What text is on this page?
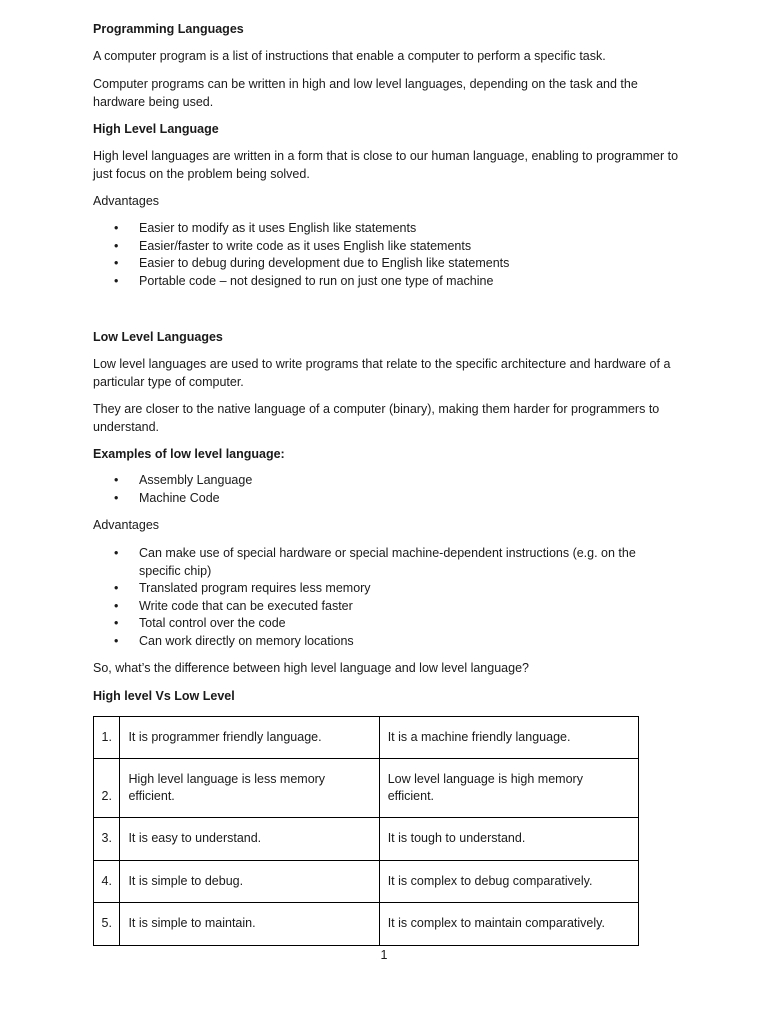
Programming Languages

A computer program is a list of instructions that enable a computer to perform a specific task.

Computer programs can be written in high and low level languages, depending on the task and the hardware being used.

High Level Language

High level languages are written in a form that is close to our human language, enabling to programmer to just focus on the problem being solved.

Advantages

• Easier to modify as it uses English like statements
• Easier/faster to write code as it uses English like statements
• Easier to debug during development due to English like statements
• Portable code – not designed to run on just one type of machine

Low Level Languages

Low level languages are used to write programs that relate to the specific architecture and hardware of a particular type of computer.

They are closer to the native language of a computer (binary), making them harder for programmers to understand.

Examples of low level language:

• Assembly Language
• Machine Code

Advantages

• Can make use of special hardware or special machine-dependent instructions (e.g. on the specific chip)
• Translated program requires less memory
• Write code that can be executed faster
• Total control over the code
• Can work directly on memory locations

So, what’s the difference between high level language and low level language?

High level Vs Low Level

1.	It is programmer friendly language.	It is a machine friendly language.
2.	High level language is less memory efficient.	Low level language is high memory efficient.
3.	It is easy to understand.	It is tough to understand.
4.	It is simple to debug.	It is complex to debug comparatively.
5.	It is simple to maintain.	It is complex to maintain comparatively.
1
